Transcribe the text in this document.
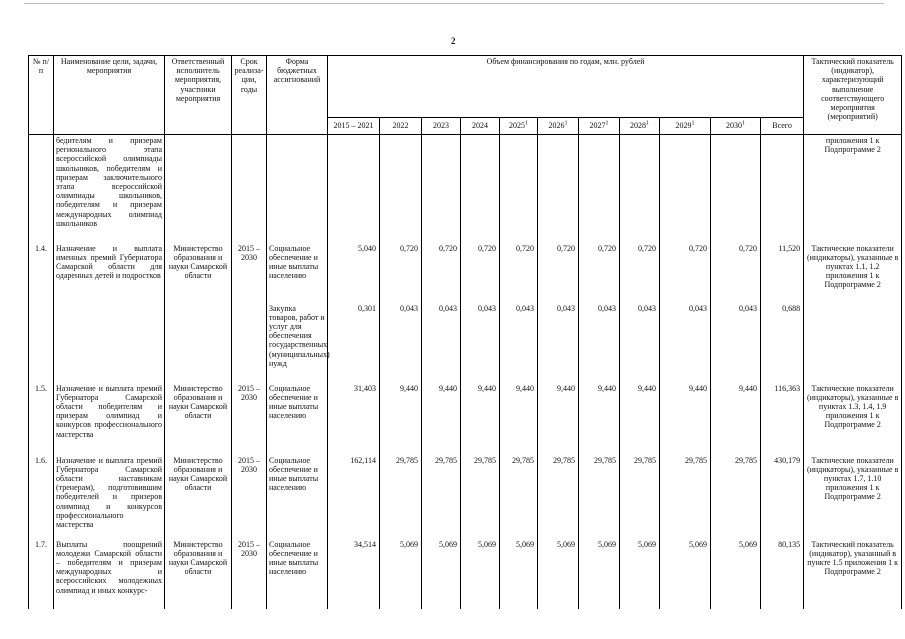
2
№ п/п	Наименование цели, задачи, мероприятия	Ответственный исполнитель мероприятия, участники мероприятия	Срок реализа-ции, годы	Форма бюджетных ассигнований	Объем финансирования по годам, млн. рублей											Тактический показатель (индикатор), характеризующий выполнение соответствующего мероприятия (мероприятий)
					2015 – 2021	2022	2023	2024	2025$^1$	2026$^1$	2027$^1$	2028$^1$	2029$^1$	2030$^1$	Всего	
	бедителям и призерам регионального этапа всероссийской олимпиады школьников, победителям и призерам заключительного этапа всероссийской олимпиады школьников, победителям и призерам международных олимпиад школьников															приложения 1 к Подпрограмме 2
1.4.	Назначение и выплата именных премий Губернатора Самарской области для одаренных детей и подростков	Министерство образования и науки Самарской области	2015 – 2030	Социальное обеспечение и иные выплаты населению	5,040	0,720	0,720	0,720	0,720	0,720	0,720	0,720	0,720	0,720	11,520	Тактические показатели (индикаторы), указанные в пунктах 1.1, 1.2 приложения 1 к Подпрограмме 2
				Закупка товаров, работ и услуг для обеспечения государственных (муниципальных) нужд	0,301	0,043	0,043	0,043	0,043	0,043	0,043	0,043	0,043	0,043	0,688	
1.5.	Назначение и выплата премий Губернатора Самарской области победителям и призерам олимпиад и конкурсов профессионального мастерства	Министерство образования и науки Самарской области	2015 – 2030	Социальное обеспечение и иные выплаты населению	31,403	9,440	9,440	9,440	9,440	9,440	9,440	9,440	9,440	9,440	116,363	Тактические показатели (индикаторы), указанные в пунктах 1.3, 1.4, 1.9 приложения 1 к Подпрограмме 2
1.6.	Назначение и выплата премий Губернатора Самарской области наставникам (тренерам), подготовившим победителей и призеров олимпиад и конкурсов профессионального мастерства	Министерство образования и науки Самарской области	2015 – 2030	Социальное обеспечение и иные выплаты населению	162,114	29,785	29,785	29,785	29,785	29,785	29,785	29,785	29,785	29,785	430,179	Тактические показатели (индикаторы), указанные в пунктах 1.7, 1.10 приложения 1 к Подпрограмме 2
1.7.	Выплаты поощрений молодежи Самарской области – победителям и призерам международных и всероссийских молодежных олимпиад и иных конкурс-	Министерство образования и науки Самарской области	2015 – 2030	Социальное обеспечение и иные выплаты населению	34,514	5,069	5,069	5,069	5,069	5,069	5,069	5,069	5,069	5,069	80,135	Тактический показатель (индикатор), указанный в пункте 1.5 приложения 1 к Подпрограмме 2
